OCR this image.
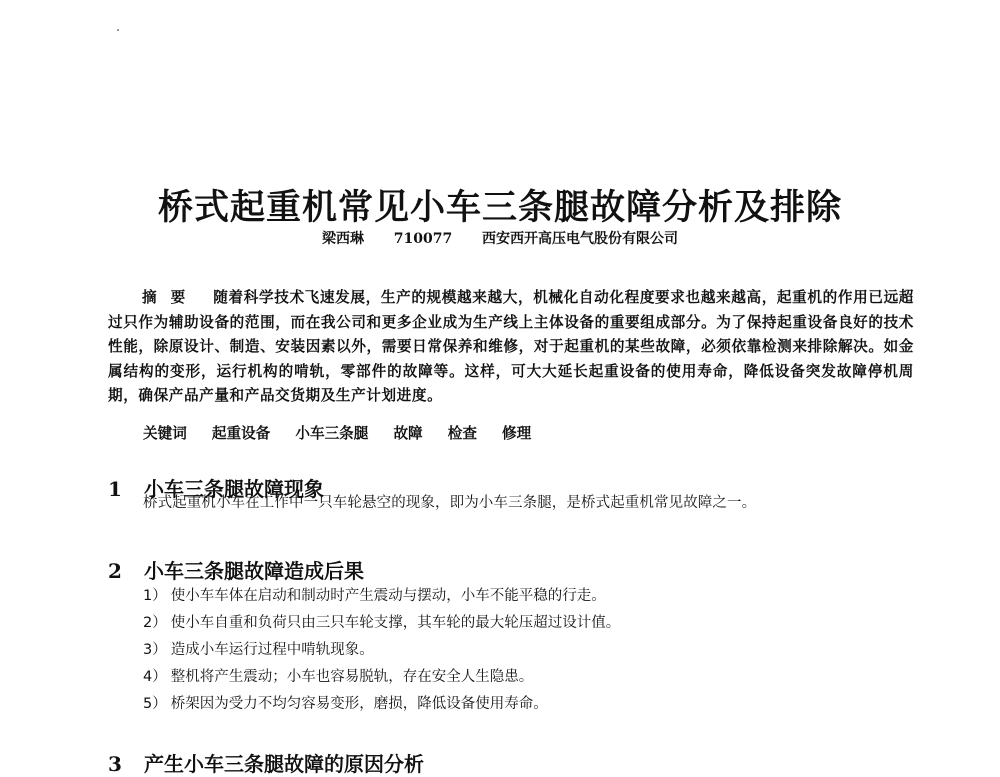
桥式起重机常见小车三条腿故障分析及排除
梁西琳 710077 西安西开高压电气股份有限公司
摘要 随着科学技术飞速发展，生产的规模越来越大，机械化自动化程度要求也越来越高，起重机的作用已远超过只作为辅助设备的范围，而在我公司和更多企业成为生产线上主体设备的重要组成部分。为了保持起重设备良好的技术性能，除原设计、制造、安装因素以外，需要日常保养和维修，对于起重机的某些故障，必须依靠检测来排除解决。如金属结构的变形，运行机构的啃轨，零部件的故障等。这样，可大大延长起重设备的使用寿命，降低设备突发故障停机周期，确保产品产量和产品交货期及生产计划进度。
关键词 起重设备 小车三条腿 故障 检查 修理
1 小车三条腿故障现象

桥式起重机小车在工作中一只车轮悬空的现象，即为小车三条腿，是桥式起重机常见故障之一。

2 小车三条腿故障造成后果
1） 使小车车体在启动和制动时产生震动与摆动，小车不能平稳的行走。
2） 使小车自重和负荷只由三只车轮支撑，其车轮的最大轮压超过设计值。
3） 造成小车运行过程中啃轨现象。
4） 整机将产生震动；小车也容易脱轨，存在安全人生隐患。
5） 桥架因为受力不均匀容易变形，磨损，降低设备使用寿命。
3 产生小车三条腿故障的原因分析
